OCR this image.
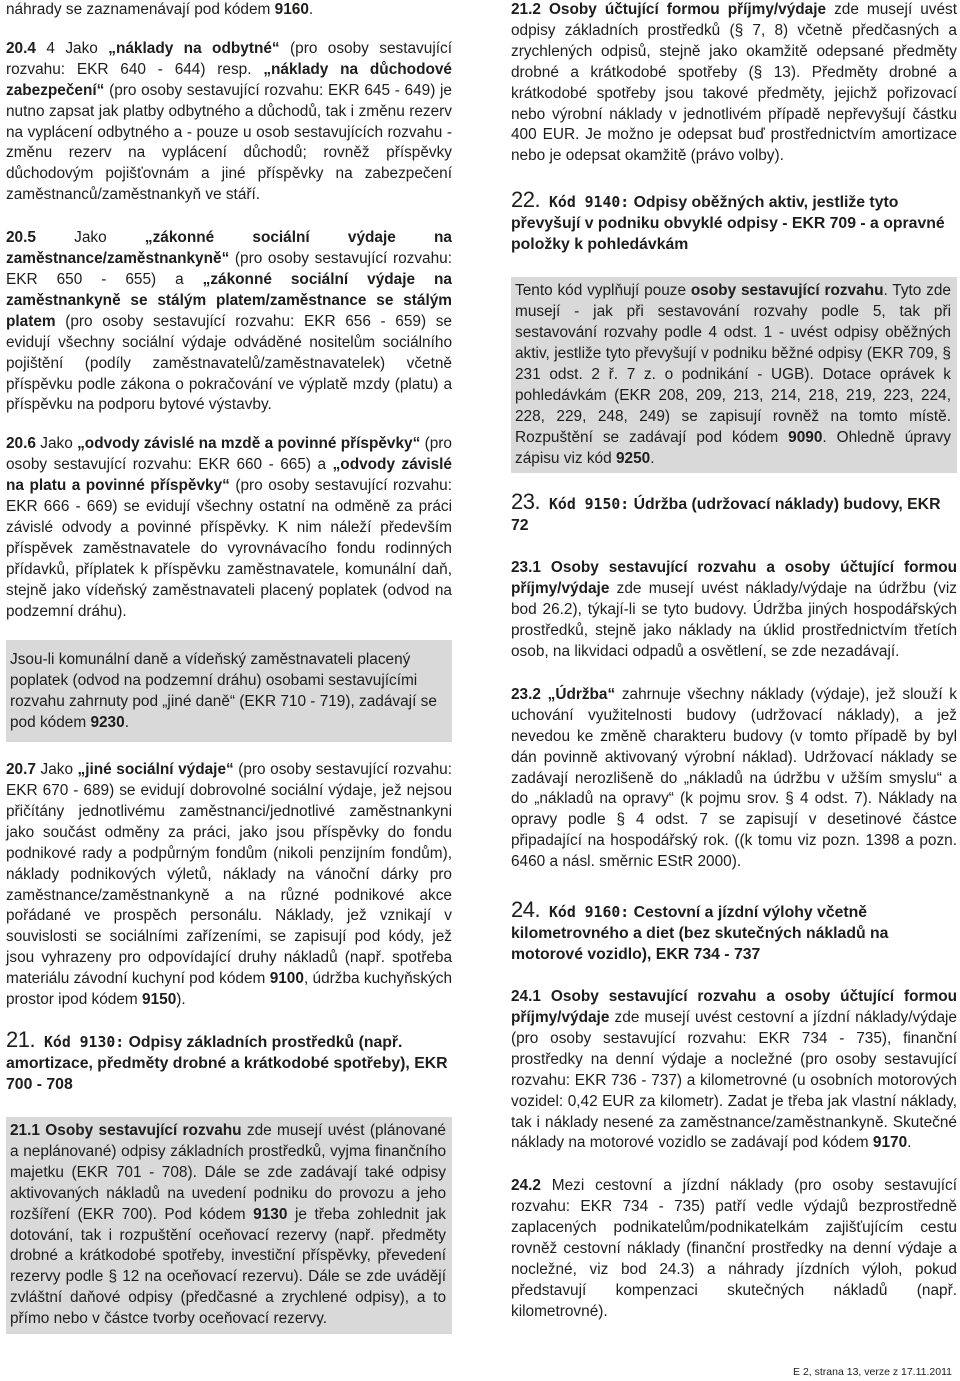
náhrady se zaznamenávají pod kódem 9160.

20.4 4 Jako „náklady na odbytné“ (pro osoby sestavující rozvahu: EKR 640 - 644) resp. „náklady na důchodové zabezpečení“ (pro osoby sestavující rozvahu: EKR 645 - 649) je nutno zapsat jak platby odbytného a důchodů, tak i změnu rezerv na vyplácení odbytného a - pouze u osob sestavujících rozvahu - změnu rezerv na vyplácení důchodů; rovněž příspěvky důchodovým pojišťovnám a jiné příspěvky na zabezpečení zaměstnanců/zaměstnankyň ve stáří.

20.5 Jako „zákonné sociální výdaje na zaměstnance/zaměstnankyně“ (pro osoby sestavující rozvahu: EKR 650 - 655) a „zákonné sociální výdaje na zaměstnankyně se stálým platem/zaměstnance se stálým platem (pro osoby sestavující rozvahu: EKR 656 - 659) se evidují všechny sociální výdaje odváděné nositelům sociálního pojištění (podíly zaměstnavatelů/zaměstnavatelek) včetně příspěvku podle zákona o pokračování ve výplatě mzdy (platu) a příspěvku na podporu bytové výstavby.

20.6 Jako „odvody závislé na mzdě a povinné příspěvky“ (pro osoby sestavující rozvahu: EKR 660 - 665) a „odvody závislé na platu a povinné příspěvky“ (pro osoby sestavující rozvahu: EKR 666 - 669) se evidují všechny ostatní na odměně za práci závislé odvody a povinné příspěvky. K nim náleží především příspěvek zaměstnavatele do vyrovnávacího fondu rodinných přídavků, příplatek k příspěvku zaměstnavatele, komunální daň, stejně jako vídeňský zaměstnavateli placený poplatek (odvod na podzemní dráhu).

Jsou-li komunální daně a vídeňský zaměstnavateli placený poplatek (odvod na podzemní dráhu) osobami sestavujícími rozvahu zahrnuty pod „jiné daně“ (EKR 710 - 719), zadávají se pod kódem 9230.

20.7 Jako „jiné sociální výdaje“ (pro osoby sestavující rozvahu: EKR 670 - 689) se evidují dobrovolné sociální výdaje, jež nejsou přičítány jednotlivému zaměstnanci/jednotlivé zaměstnankyni jako součást odměny za práci, jako jsou příspěvky do fondu podnikové rady a podpůrným fondům (nikoli penzijním fondům), náklady podnikových výletů, náklady na vánoční dárky pro zaměstnance/zaměstnankyně a na různé podnikové akce pořádané ve prospěch personálu. Náklady, jež vznikají v souvislosti se sociálními zařízeními, se zapisují pod kódy, jež jsou vyhrazeny pro odpovídající druhy nákladů (např. spotřeba materiálu závodní kuchyní pod kódem 9100, údržba kuchyňských prostor ipod kódem 9150).

21. Kód 9130: Odpisy základních prostředků (např. amortizace, předměty drobné a krátkodobé spotřeby), EKR 700 - 708
21.1 Osoby sestavující rozvahu zde musejí uvést (plánované a neplánované) odpisy základních prostředků, vyjma finančního majetku (EKR 701 - 708). Dále se zde zadávají také odpisy aktivovaných nákladů na uvedení podniku do provozu a jeho rozšíření (EKR 700). Pod kódem 9130 je třeba zohlednit jak dotování, tak i rozpuštění oceňovací rezervy (např. předměty drobné a krátkodobé spotřeby, investiční příspěvky, převedení rezervy podle § 12 na oceňovací rezervu). Dále se zde uvádějí zvláštní daňové odpisy (předčasné a zrychlené odpisy), a to přímo nebo v částce tvorby oceňovací rezervy.

21.2 Osoby účtující formou příjmy/výdaje zde musejí uvést odpisy základních prostředků (§ 7, 8) včetně předčasných a zrychlených odpisů, stejně jako okamžitě odepsané předměty drobné a krátkodobé spotřeby (§ 13). Předměty drobné a krátkodobé spotřeby jsou takové předměty, jejichž pořizovací nebo výrobní náklady v jednotlivém případě nepřevyšují částku 400 EUR. Je možno je odepsat buď prostřednictvím amortizace nebo je odepsat okamžitě (právo volby).

22. Kód 9140: Odpisy oběžných aktiv, jestliže tyto převyšují v podniku obvyklé odpisy - EKR 709 - a opravné položky k pohledávkám
Tento kód vyplňují pouze osoby sestavující rozvahu. Tyto zde musejí - jak při sestavování rozvahy podle 5, tak při sestavování rozvahy podle 4 odst. 1 - uvést odpisy oběžných aktiv, jestliže tyto převyšují v podniku běžné odpisy (EKR 709, § 231 odst. 2 ř. 7 z. o podnikání - UGB). Dotace oprávek k pohledávkám (EKR 208, 209, 213, 214, 218, 219, 223, 224, 228, 229, 248, 249) se zapisují rovněž na tomto místě. Rozpuštění se zadávají pod kódem 9090. Ohledně úpravy zápisu viz kód 9250.
23. Kód 9150: Údržba (udržovací náklady) budovy, EKR 72

23.1 Osoby sestavující rozvahu a osoby účtující formou příjmy/výdaje zde musejí uvést náklady/výdaje na údržbu (viz bod 26.2), týkají-li se tyto budovy. Údržba jiných hospodářských prostředků, stejně jako náklady na úklid prostřednictvím třetích osob, na likvidaci odpadů a osvětlení, se zde nezadávají.

23.2 „Údržba“ zahrnuje všechny náklady (výdaje), jež slouží k uchování využitelnosti budovy (udržovací náklady), a jež nevedou ke změně charakteru budovy (v tomto případě by byl dán povinně aktivovaný výrobní náklad). Udržovací náklady se zadávají nerozlišeně do „nákladů na údržbu v užším smyslu“ a do „nákladů na opravy“ (k pojmu srov. § 4 odst. 7). Náklady na opravy podle § 4 odst. 7 se zapisují v desetinové částce připadající na hospodářský rok. ((k tomu viz pozn. 1398 a pozn. 6460 a násl. směrnic EStR 2000).

24. Kód 9160: Cestovní a jízdní výlohy včetně kilometrovného a diet (bez skutečných nákladů na motorové vozidlo), EKR 734 - 737

24.1 Osoby sestavující rozvahu a osoby účtující formou příjmy/výdaje zde musejí uvést cestovní a jízdní náklady/výdaje (pro osoby sestavující rozvahu: EKR 734 - 735), finanční prostředky na denní výdaje a nocležné (pro osoby sestavující rozvahu: EKR 736 - 737) a kilometrovné (u osobních motorových vozidel: 0,42 EUR za kilometr). Zadat je třeba jak vlastní náklady, tak i náklady nesené za zaměstnance/zaměstnankyně. Skutečné náklady na motorové vozidlo se zadávají pod kódem 9170.

24.2 Mezi cestovní a jízdní náklady (pro osoby sestavující rozvahu: EKR 734 - 735) patří vedle výdajů bezprostředně zaplacených podnikatelům/podnikatelkám zajišťujícím cestu rovněž cestovní náklady (finanční prostředky na denní výdaje a nocležné, viz bod 24.3) a náhrady jízdních výloh, pokud představují kompenzaci skutečných nákladů (např. kilometrovné).

E 2, strana 13, verze z 17.11.2011
